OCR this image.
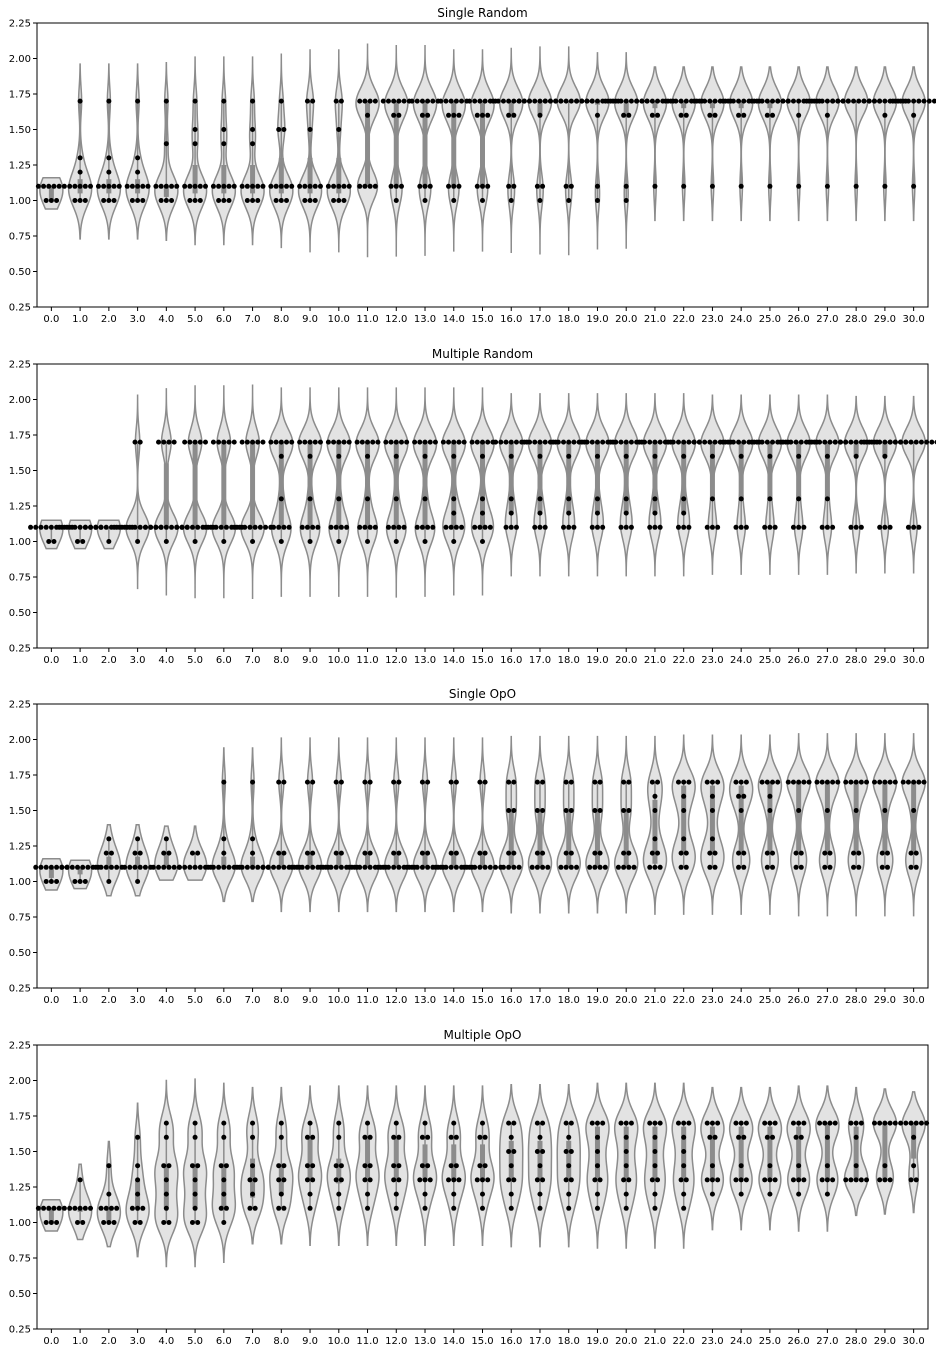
Single Random
0.25
0.50
0.75
1.00
1.25
1.50
1.75
2.00
2.25
0.0 1.0 2.0 3.0 4.0 5.0 6.0 7.0 8.0 9.0 10.0 11.0 12.0 13.0 14.0 15.0 16.0 17.0 18.0 19.0 20.0 21.0 22.0 23.0 24.0 25.0 26.0 27.0 28.0 29.0 30.0
Multiple Random
0.25
0.50
0.75
1.00
1.25
1.50
1.75
2.00
2.25
0.0 1.0 2.0 3.0 4.0 5.0 6.0 7.0 8.0 9.0 10.0 11.0 12.0 13.0 14.0 15.0 16.0 17.0 18.0 19.0 20.0 21.0 22.0 23.0 24.0 25.0 26.0 27.0 28.0 29.0 30.0
Single OpO
0.25
0.50
0.75
1.00
1.25
1.50
1.75
2.00
2.25
0.0 1.0 2.0 3.0 4.0 5.0 6.0 7.0 8.0 9.0 10.0 11.0 12.0 13.0 14.0 15.0 16.0 17.0 18.0 19.0 20.0 21.0 22.0 23.0 24.0 25.0 26.0 27.0 28.0 29.0 30.0
Multiple OpO
0.25
0.50
0.75
1.00
1.25
1.50
1.75
2.00
2.25
0.0 1.0 2.0 3.0 4.0 5.0 6.0 7.0 8.0 9.0 10.0 11.0 12.0 13.0 14.0 15.0 16.0 17.0 18.0 19.0 20.0 21.0 22.0 23.0 24.0 25.0 26.0 27.0 28.0 29.0 30.0
